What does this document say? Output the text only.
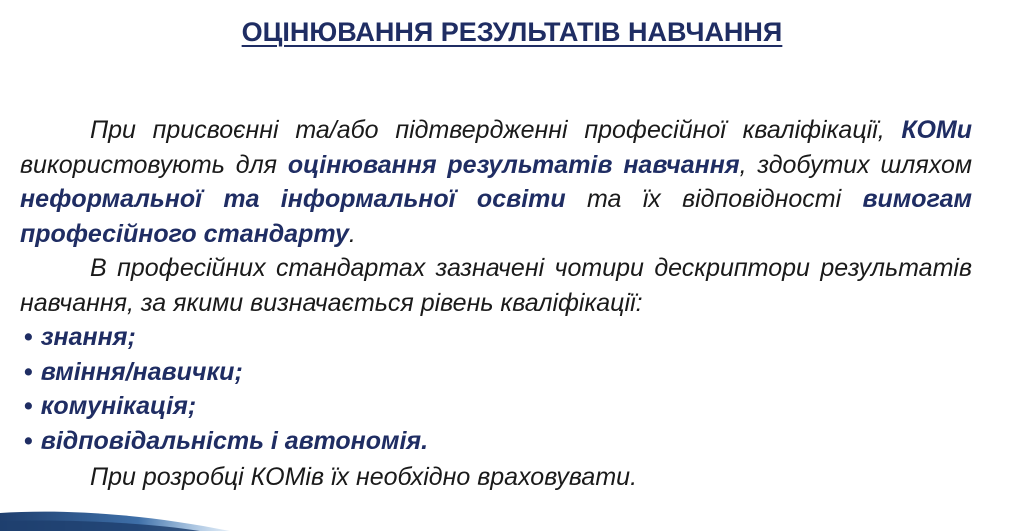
ОЦІНЮВАННЯ РЕЗУЛЬТАТІВ НАВЧАННЯ

При присвоєнні та/або підтвердженні професійної кваліфікації, КОМи використовують для оцінювання результатів навчання, здобутих шляхом неформальної та інформальної освіти та їх відповідності вимогам професійного стандарту.

В професійних стандартах зазначені чотири дескриптори результатів навчання, за якими визначається рівень кваліфікації:

• знання;
• вміння/навички;
• комунікація;
• відповідальність і автономія.

При розробці КОМів їх необхідно враховувати.
